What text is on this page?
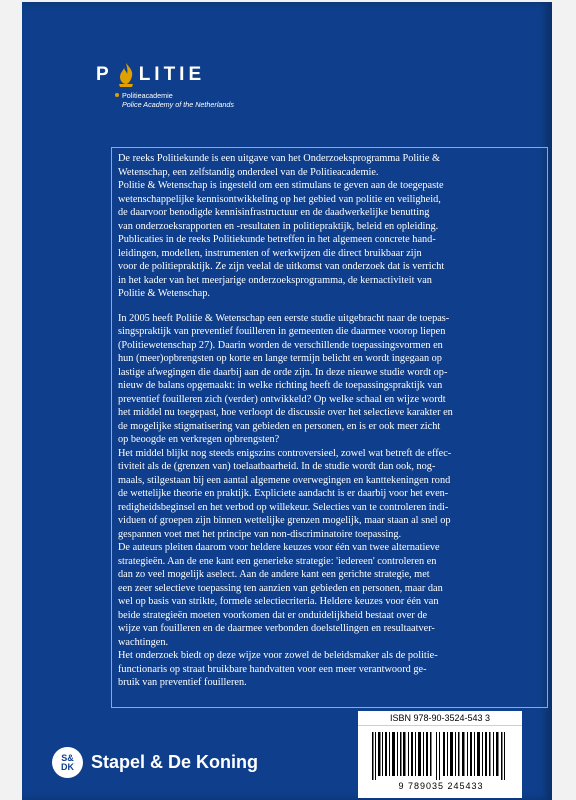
P LITIE
Politieacademie
Police Academy of the Netherlands

De reeks Politiekunde is een uitgave van het Onderzoeksprogramma Politie &
Wetenschap, een zelfstandig onderdeel van de Politieacademie.

Politie & Wetenschap is ingesteld om een stimulans te geven aan de toegepaste
wetenschappelijke kennisontwikkeling op het gebied van politie en veiligheid,
de daarvoor benodigde kennisinfrastructuur en de daadwerkelijke benutting
van onderzoeksrapporten en -resultaten in politiepraktijk, beleid en opleiding.

Publicaties in de reeks Politiekunde betreffen in het algemeen concrete hand-
leidingen, modellen, instrumenten of werkwijzen die direct bruikbaar zijn
voor de politiepraktijk. Ze zijn veelal de uitkomst van onderzoek dat is verricht
in het kader van het meerjarige onderzoeksprogramma, de kernactiviteit van
Politie & Wetenschap.

In 2005 heeft Politie & Wetenschap een eerste studie uitgebracht naar de toepas-
singspraktijk van preventief fouilleren in gemeenten die daarmee voorop liepen
(Politiewetenschap 27). Daarin worden de verschillende toepassingsvormen en
hun (meer)opbrengsten op korte en lange termijn belicht en wordt ingegaan op
lastige afwegingen die daarbij aan de orde zijn. In deze nieuwe studie wordt op-
nieuw de balans opgemaakt: in welke richting heeft de toepassingspraktijk van
preventief fouilleren zich (verder) ontwikkeld? Op welke schaal en wijze wordt
het middel nu toegepast, hoe verloopt de discussie over het selectieve karakter en
de mogelijke stigmatisering van gebieden en personen, en is er ook meer zicht
op beoogde en verkregen opbrengsten?

Het middel blijkt nog steeds enigszins controversieel, zowel wat betreft de effec-
tiviteit als de (grenzen van) toelaatbaarheid. In de studie wordt dan ook, nog-
maals, stilgestaan bij een aantal algemene overwegingen en kanttekeningen rond
de wettelijke theorie en praktijk. Expliciete aandacht is er daarbij voor het even-
redigheidsbeginsel en het verbod op willekeur. Selecties van te controleren indi-
viduen of groepen zijn binnen wettelijke grenzen mogelijk, maar staan al snel op
gespannen voet met het principe van non-discriminatoire toepassing.

De auteurs pleiten daarom voor heldere keuzes voor één van twee alternatieve
strategieën. Aan de ene kant een generieke strategie: 'iedereen' controleren en
dan zo veel mogelijk aselect. Aan de andere kant een gerichte strategie, met
een zeer selectieve toepassing ten aanzien van gebieden en personen, maar dan
wel op basis van strikte, formele selectiecriteria. Heldere keuzes voor één van
beide strategieën moeten voorkomen dat er onduidelijkheid bestaat over de
wijze van fouilleren en de daarmee verbonden doelstellingen en resultaatver-
wachtingen.

Het onderzoek biedt op deze wijze voor zowel de beleidsmaker als de politie-
functionaris op straat bruikbare handvatten voor een meer verantwoord ge-
bruik van preventief fouilleren.

S&
DK Stapel & De Koning
ISBN 978-90-3524-543 3
9 789035 245433
